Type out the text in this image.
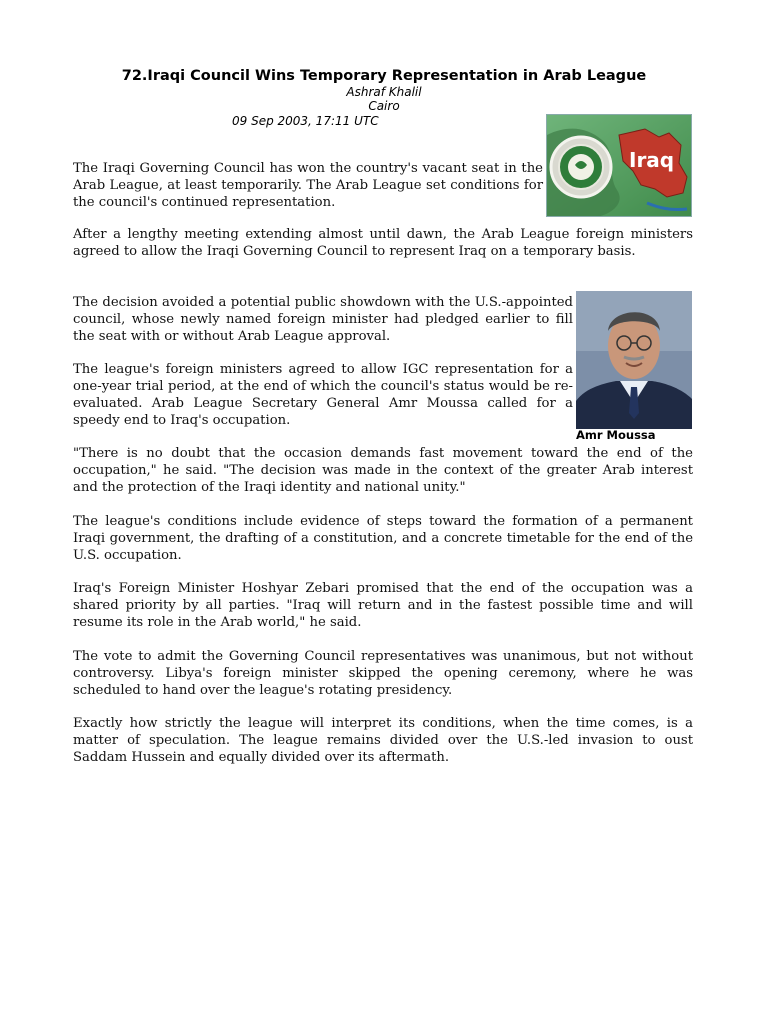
72.Iraqi Council Wins Temporary Representation in Arab League
Ashraf Khalil
Cairo
09 Sep 2003, 17:11 UTC
Iraq
Amr Moussa

The Iraqi Governing Council has won the country's vacant seat in the Arab League, at least temporarily. The Arab League set conditions for the council's continued representation.

After a lengthy meeting extending almost until dawn, the Arab League foreign ministers agreed to allow the Iraqi Governing Council to represent Iraq on a temporary basis.

The decision avoided a potential public showdown with the U.S.-appointed council, whose newly named foreign minister had pledged earlier to fill the seat with or without Arab League approval.

The league's foreign ministers agreed to allow IGC representation for a one-year trial period, at the end of which the council's status would be re-evaluated. Arab League Secretary General Amr Moussa called for a speedy end to Iraq's occupation.

"There is no doubt that the occasion demands fast movement toward the end of the occupation," he said. "The decision was made in the context of the greater Arab interest and the protection of the Iraqi identity and national unity."

The league's conditions include evidence of steps toward the formation of a permanent Iraqi government, the drafting of a constitution, and a concrete timetable for the end of the U.S. occupation.

Iraq's Foreign Minister Hoshyar Zebari promised that the end of the occupation was a shared priority by all parties. "Iraq will return and in the fastest possible time and will resume its role in the Arab world," he said.

The vote to admit the Governing Council representatives was unanimous, but not without controversy. Libya's foreign minister skipped the opening ceremony, where he was scheduled to hand over the league's rotating presidency.

Exactly how strictly the league will interpret its conditions, when the time comes, is a matter of speculation. The league remains divided over the U.S.-led invasion to oust Saddam Hussein and equally divided over its aftermath.
